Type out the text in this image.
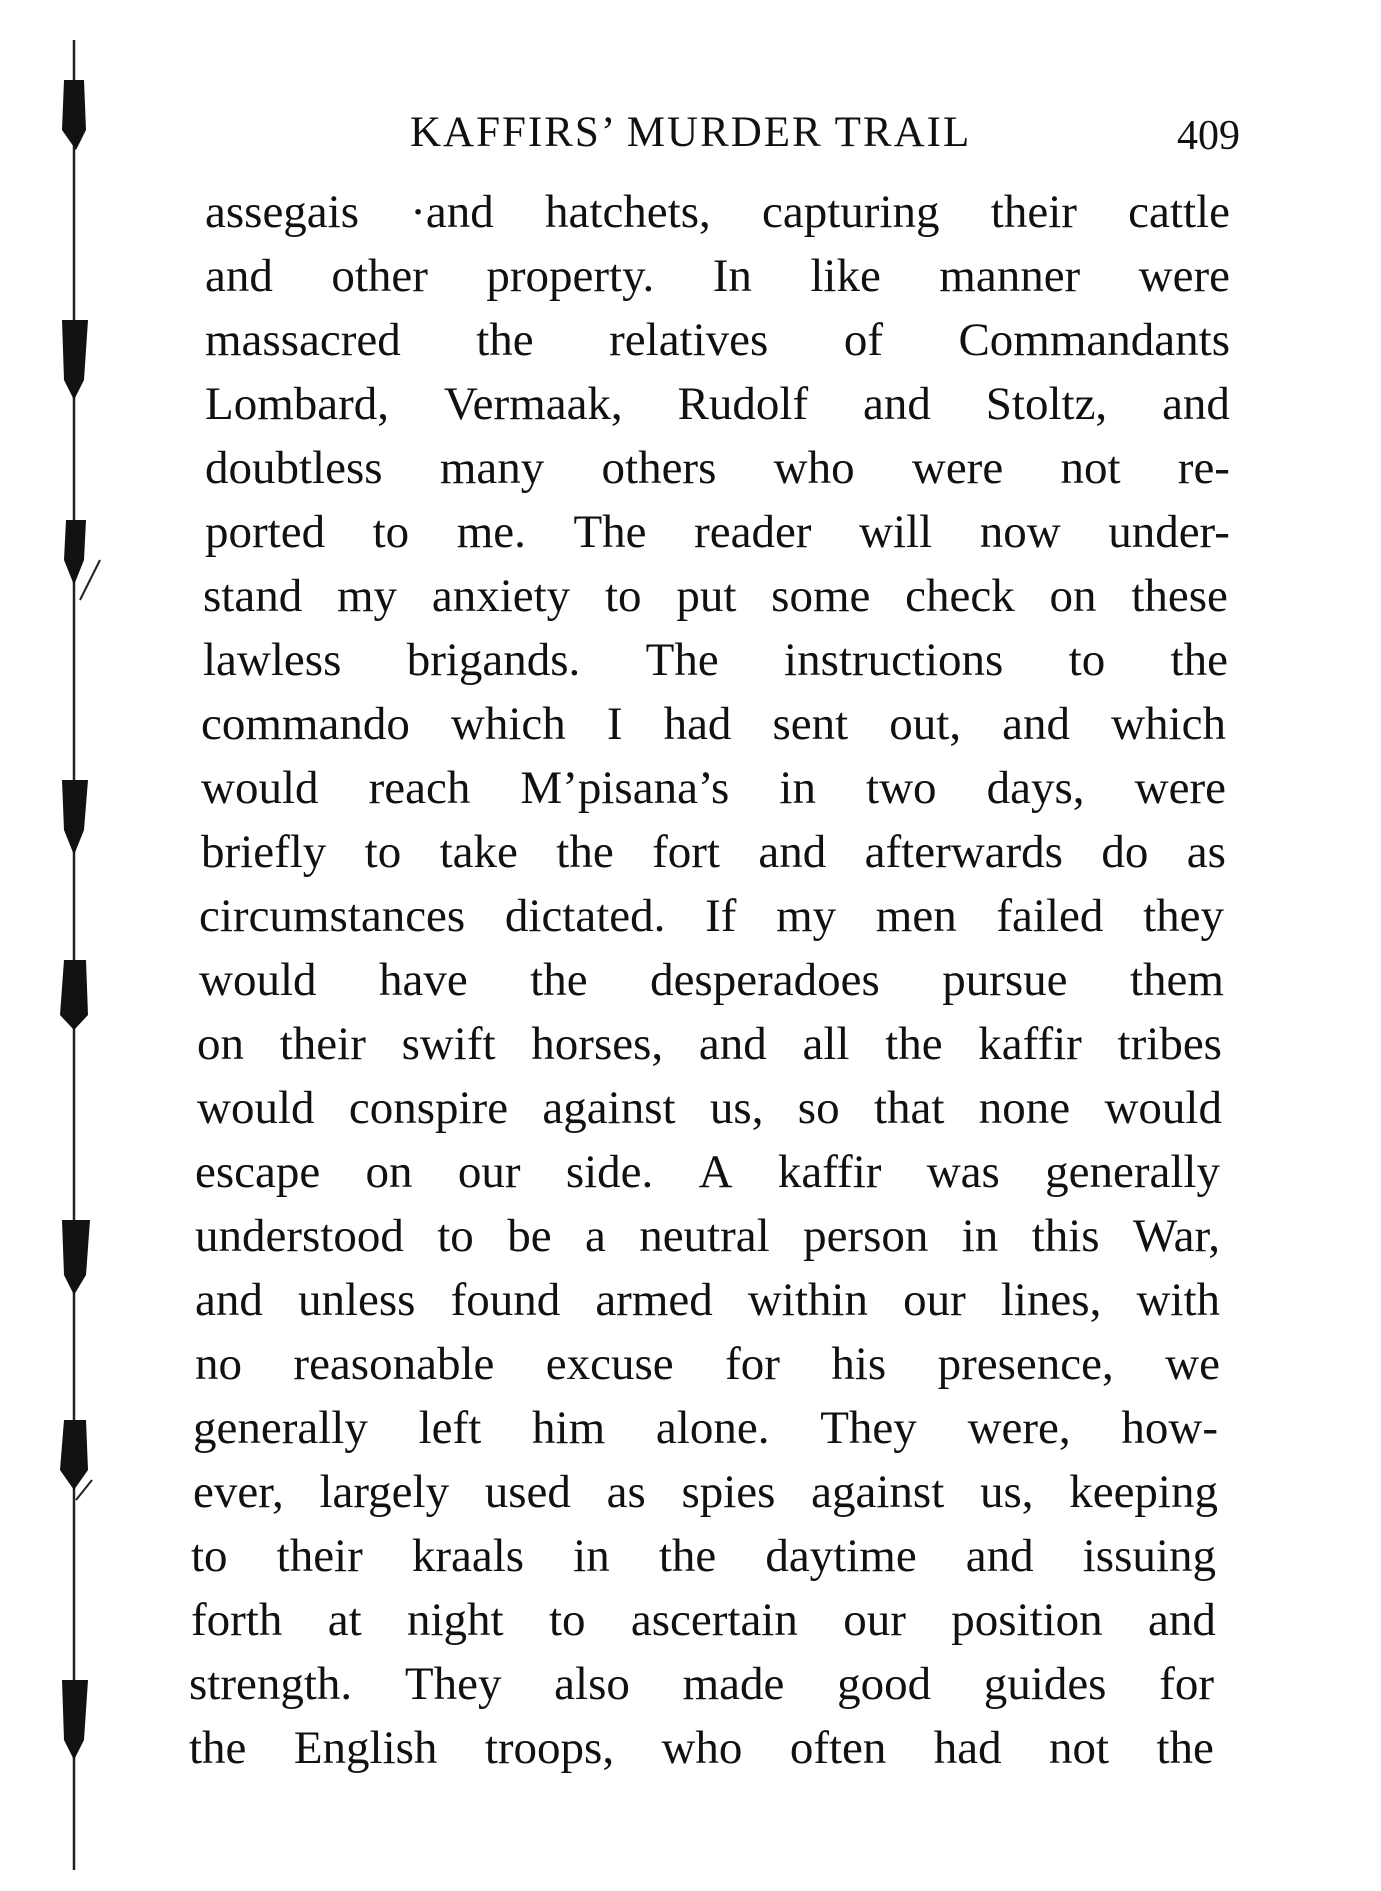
KAFFIRS’ MURDER TRAIL	409
assegais ·and hatchets, capturing their cattle
and other property. In like manner were
massacred the relatives of Commandants
Lombard, Vermaak, Rudolf and Stoltz, and
doubtless many others who were not re-
ported to me. The reader will now under-
stand my anxiety to put some check on these
lawless brigands. The instructions to the
commando which I had sent out, and which
would reach M’pisana’s in two days, were
briefly to take the fort and afterwards do as
circumstances dictated. If my men failed they
would have the desperadoes pursue them
on their swift horses, and all the kaffir tribes
would conspire against us, so that none would
escape on our side. A kaffir was generally
understood to be a neutral person in this War,
and unless found armed within our lines, with
no reasonable excuse for his presence, we
generally left him alone. They were, how-
ever, largely used as spies against us, keeping
to their kraals in the daytime and issuing
forth at night to ascertain our position and
strength. They also made good guides for
the English troops, who often had not the
